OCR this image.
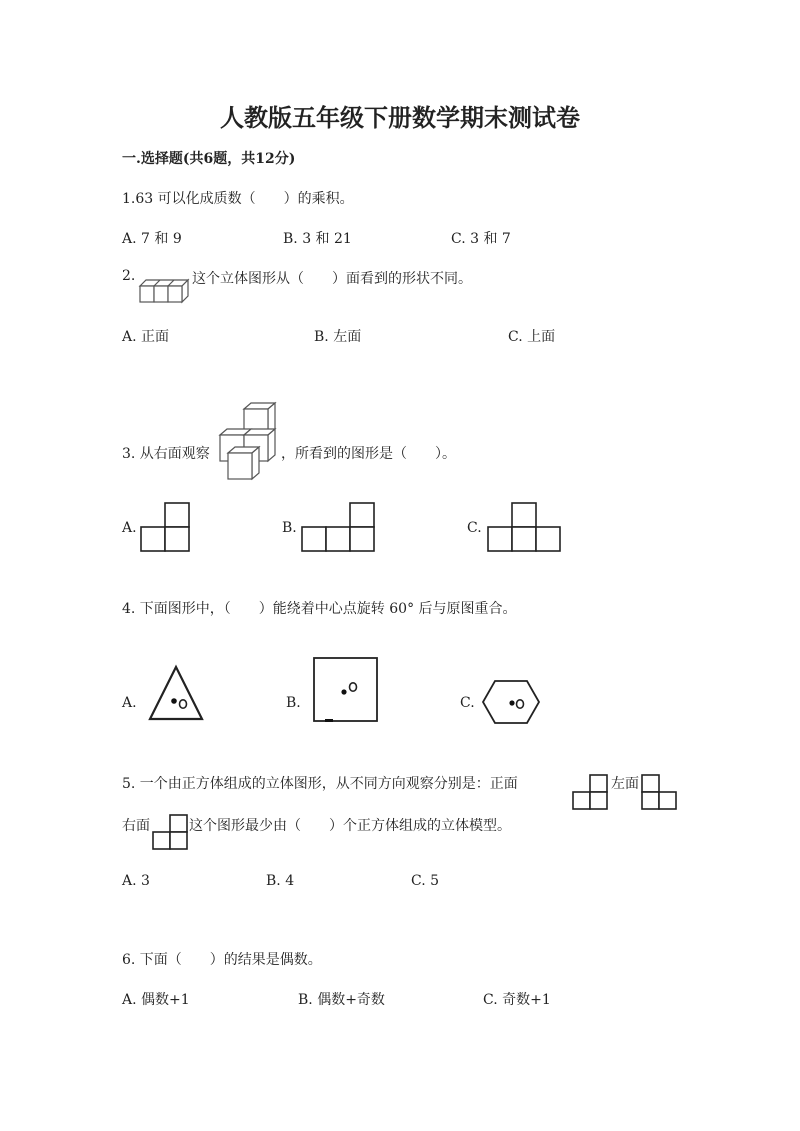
人教版五年级下册数学期末测试卷
一.选择题(共6题，共12分)
1.63 可以化成质数（　　）的乘积。
A. 7 和 9	B. 3 和 21	C. 3 和 7
2.	这个立体图形从（　　）面看到的形状不同。
A. 正面	B. 左面	C. 上面
3. 从右面观察	，所看到的图形是（　　）。
A.	B.	C.
4. 下面图形中，（　　）能绕着中心点旋转 60° 后与原图重合。
A.	B.	C.
5. 一个由正方体组成的立体图形，从不同方向观察分别是：正面	左面
右面	这个图形最少由（　　）个正方体组成的立体模型。
A. 3	B. 4	C. 5
6. 下面（　　）的结果是偶数。
A. 偶数+1	B. 偶数+奇数	C. 奇数+1
